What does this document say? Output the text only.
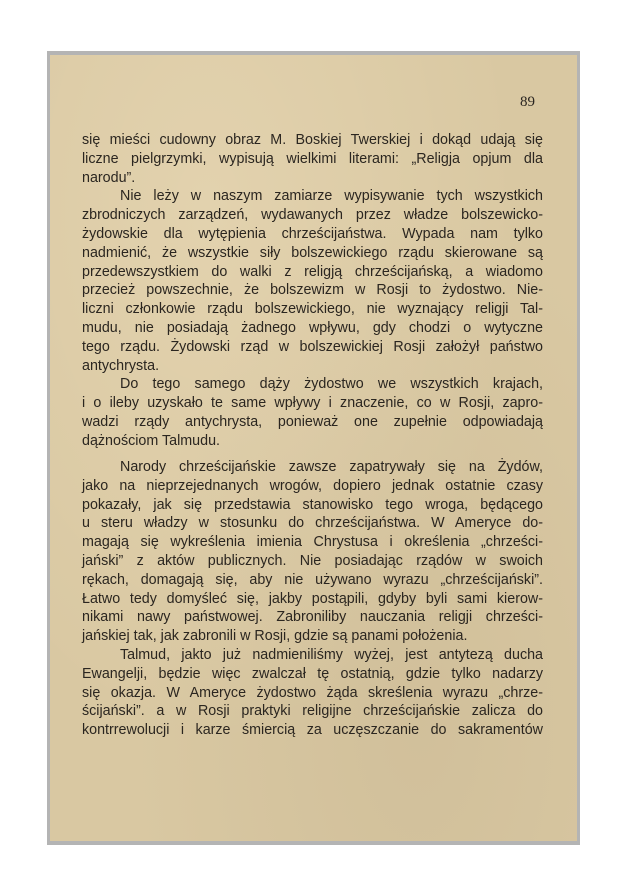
89
się mieści cudowny obraz M. Boskiej Twerskiej i dokąd udają się
liczne pielgrzymki, wypisują wielkimi literami: „Religja opjum dla
narodu”.
Nie leży w naszym zamiarze wypisywanie tych wszystkich
zbrodniczych zarządzeń, wydawanych przez władze bolszewicko-
żydowskie dla wytępienia chrześcijaństwa. Wypada nam tylko
nadmienić, że wszystkie siły bolszewickiego rządu skierowane są
przedewszystkiem do walki z religją chrześcijańską, a wiadomo
przecież powszechnie, że bolszewizm w Rosji to żydostwo. Nie-
liczni członkowie rządu bolszewickiego, nie wyznający religji Tal-
mudu, nie posiadają żadnego wpływu, gdy chodzi o wytyczne
tego rządu. Żydowski rząd w bolszewickiej Rosji założył państwo
antychrysta.
Do tego samego dąży żydostwo we wszystkich krajach,
i o ileby uzyskało te same wpływy i znaczenie, co w Rosji, zapro-
wadzi rządy antychrysta, ponieważ one zupełnie odpowiadają
dążnościom Talmudu.
Narody chrześcijańskie zawsze zapatrywały się na Żydów,
jako na nieprzejednanych wrogów, dopiero jednak ostatnie czasy
pokazały, jak się przedstawia stanowisko tego wroga, będącego
u steru władzy w stosunku do chrześcijaństwa. W Ameryce do-
magają się wykreślenia imienia Chrystusa i określenia „chrześci-
jański” z aktów publicznych. Nie posiadając rządów w swoich
rękach, domagają się, aby nie używano wyrazu „chrześcijański”.
Łatwo tedy domyśleć się, jakby postąpili, gdyby byli sami kierow-
nikami nawy państwowej. Zabroniliby nauczania religji chrześci-
jańskiej tak, jak zabronili w Rosji, gdzie są panami położenia.
Talmud, jakto już nadmieniliśmy wyżej, jest antytezą ducha
Ewangelji, będzie więc zwalczał tę ostatnią, gdzie tylko nadarzy
się okazja. W Ameryce żydostwo żąda skreślenia wyrazu „chrze-
ścijański”. a w Rosji praktyki religijne chrześcijańskie zalicza do
kontrrewolucji i karze śmiercią za uczęszczanie do sakramentów
